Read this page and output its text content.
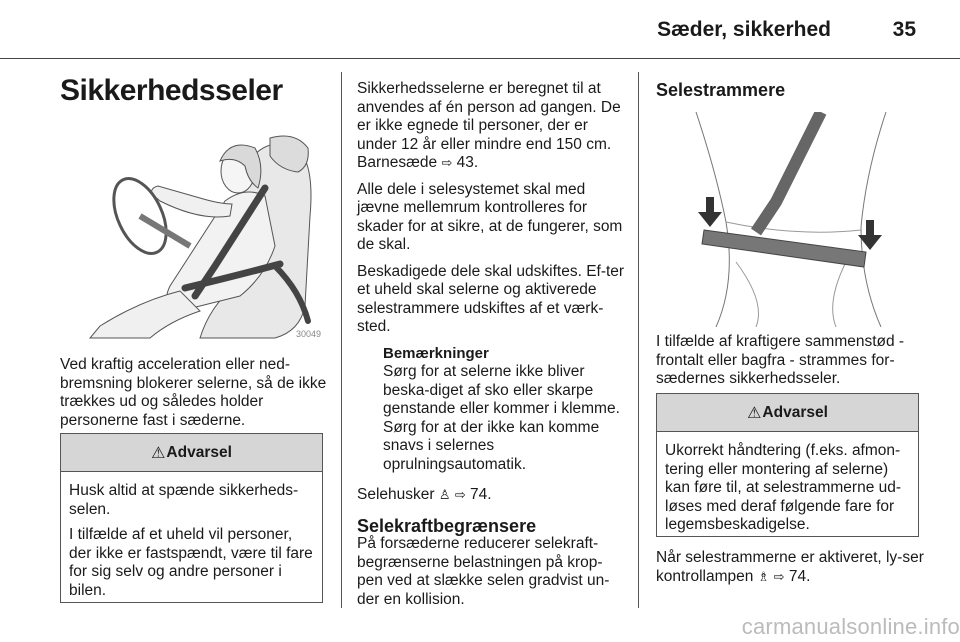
Sæder, sikkerhed	35
Sikkerhedsseler
30049
Ved kraftig acceleration eller ned-bremsning blokerer selerne, så de ikke trækkes ud og således holder personerne fast i sæderne.
⚠ Advarsel

Husk altid at spænde sikkerheds-selen.

I tilfælde af et uheld vil personer, der ikke er fastspændt, være til fare for sig selv og andre personer i bilen.

Sikkerhedsselerne er beregnet til at anvendes af én person ad gangen. De er ikke egnede til personer, der er under 12 år eller mindre end 150 cm. Barnesæde ⇨ 43.

Alle dele i selesystemet skal med jævne mellemrum kontrolleres for skader for at sikre, at de fungerer, som de skal.

Beskadigede dele skal udskiftes. Ef-ter et uheld skal selerne og aktiverede selestrammere udskiftes af et værk-sted.

Bemærkninger
Sørg for at selerne ikke bliver beska-diget af sko eller skarpe genstande eller kommer i klemme. Sørg for at der ikke kan komme snavs i selernes oprulningsautomatik.

Selehusker ♙ ⇨ 74.

Selekraftbegrænsere
På forsæderne reducerer selekraft-begrænserne belastningen på krop-pen ved at slække selen gradvist un-der en kollision.
Selestrammere
I tilfælde af kraftigere sammenstød - frontalt eller bagfra - strammes for-sædernes sikkerhedsseler.
⚠ Advarsel

Ukorrekt håndtering (f.eks. afmon-tering eller montering af selerne) kan føre til, at selestrammerne ud-løses med deraf følgende fare for legemsbeskadigelse.

Når selestrammerne er aktiveret, ly-ser kontrollampen ♗ ⇨ 74.
carmanualsonline.info
